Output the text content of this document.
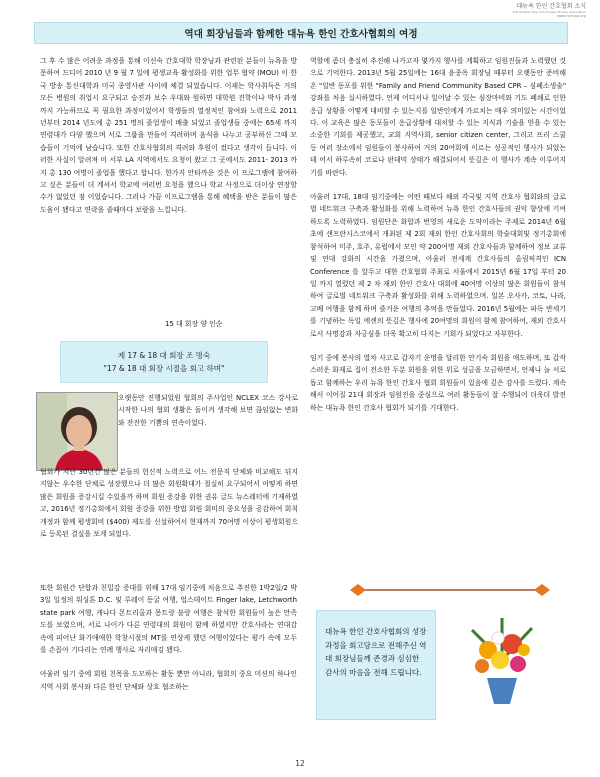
대뉴욕 한인 간호협회 소식
The Greater New York Korean Nurses Association
www.nyknaa.org
역대 회장님들과 함께한 대뉴욕 한인 간호사협회의 여정

그 후 수 많은 어려운 과정을 통해 이선숙 간호대학 학장님과 관련된 분들이 뉴욕을 방문하여 드디어 2010 년 9 월 7 일에 평생교육 활성화를 위한 업무 협약 (MOU) 이 한국 방송 통신대학과 미국 종영사관 사이에 체결 되었습니다. 이제는 학사취득은 거의 모든 병원의 취업시 요구되고 승진과 보수 우대와 원하면 대학원 진학이나 박사 과정까지 가능하므로 꼭 필요한 과정이었어서 학생들의 열정적인 참여와 노력으로 2011 년부터 2014 년도에 총 251 명의 졸업생이 배출 되었고 졸업생들 중에는 65세 까지 연령대가 다양 했으며 서로 그룹을 만들어 격려하며 음식을 나누고 공부하신 그때 모습들이 기억에 남습니다. 또한 간호사협회의 격려와 후원이 컸다고 생각이 듭니다. 이러한 사실이 알려져 미 서부 LA 지역에서도 요청이 왔고 그 곳에서도 2011- 2013 까지 총 130 여명이 졸업을 했다고 합니다. 한가지 안타까운 것은 이 프로그램에 참여하고 싶은 분들이 더 계셔서 학교에 여러번 요청을 했으나 학교 사정으로 더이상 연장할 수가 없었던 점 이었습니다. 그러나 가끔 이프로그램을 통해 혜택을 받은 분들이 많은 도움이 됐다고 연락을 줄때마다 보람을 느낍니다.

15 대 회장 양 인순
제 17 & 18 대 회장 조 명숙
"17 & 18 대 회장 시절을 회고 하며"
오랫동안 진행되었원 협회의 주사업인 NCLEX 코스 강사로 시작한 나의 협회 생활은 돌이켜 생각해 보면 끊임없는 변화와 잔잔한 기쁨의 연속이었다.
협회가 지난 30년간 많은 분들의 헌신적 노력으로 어느 전문직 단체와 비교해도 뒤지지않는 우수한 단체로 성장했으나 더 많은 회원확대가 절실히 요구되어서 어떻게 하면 많은 회원을 증강시킬 수있을까 하며 회원 증강을 위한 권유 글도 뉴스레터에 기재하였고, 2016년 정기총회에서 회원 증강을 위한 방법 회원 회비의 중요성을 공감하여 회칙 개정과 함께 평생회비 ($400) 제도를 신설하여서 현재까지 70여명 이상이 평생회원으로 등록된 결실을 보게 되었다.

또한 회원간 단합과 친밀감 증대를 위해 17대 임기중에 처음으로 추진한 1박2일/2 박 3일 일정의 워싱톤 D.C. 및 루레이 동굴 여행, 업스테이트 Finger lake, Letchworth state park 여행, 캐나다 몬트리올과 몽트랑 블랑 여행은 참석한 회원들이 높은 만족도를 보였으며, 서로 나이가 다른 연령대의 회원이 함께 하였지만 간호사라는 연대감속에 피어난 화기애애한 학창시절의 MT를 연상케 했던 여행이었다는 평가 속에 모두를 손꼽아 기다리는 연례 행사로 자리매김 됐다.

아울러 임기 중에 회원 친목을 도모하는 활동 뿐만 아니라, 협회의 중요 미션의 하나인 지역 사회 봉사와 다른 한인 단체와 상호 협조하는

역할에 좀더 충실히 추진해 나가고자 몇가지 행사를 계획하고 임원진들과 노력했던 것으로 기억한다. 2013년 5월 25일에는 16대 윤종옥 회장님 때부터 오랫동안 준비해온 "일반 동포를 위한 "Family and Friend Community Based CPR – 심폐소생술" 강좌를 처음 실시하였다. 언제 어디서나 일어날 수 있는 심장마비와 기도 폐쇄로 인한 응급 상황을 어떻게 대비할 수 있는지를 일반인에게 가르치는 매우 의미있는 시간이었다. 이 교육은 많은 동포들이 응급상황에 대처할 수 있는 지식과 기술을 얻을 수 있는 소중한 기회를 제공했고, 교회 지역사회, senior citizen center, 그리고 프리 스쿨 등 여러 장소에서 임원들이 봉사하여 거의 20여회에 이르는 성공적인 행사가 되었는데 어서 하루속히 코로나 판데믹 상태가 해결되어서 뜻깊은 이 행사가 계속 이루어지기를 바란다.

아울러 17대, 18대 임기중에는 어떤 때보다 해외 각국및 지역 간호사 협회와의 글로벌 네트워크 구축과 활성화를 위해 노력하여 뉴욕 한인 간호사들의 권익 향상에 기여하도록 노력하였다. 임원단은 화합과 번영의 새로운 도약이라는 주제로 2014년 6월초에 샌프란시스코에서 개최된 제 2회 재외 한인 간호사회의 학술대회및 정기총회에 참석하여 미주, 호주, 유럽에서 모인 약 200여명 재외 간호사들과 함께하여 정보 교류및 연대 강화의 시간을 가졌으며, 아울러 전세계 간호사들의 올림픽격인 ICN Conference 를 앞두고 대한 간호협회 주최로 서울에서 2015년 6월 17일 부터 20일 까지 열렸던 제 2 차 재외 한인 간호사 대회에 40여명 이상의 많은 회원들이 참석하여 글로벌 네트워크 구축과 활성화를 위해 노력하였으며. 일본 오사카, 코토, 나라, 고베 여행을 함께 하며 즐거운 여행의 추억을 만들었다. 2016년 5월에는 파독 반세기를 기념하는 독일 에센의 뜻깊은 행사에 20여명의 회원이 함께 참여하여, 재외 간호사로서 사명감과 자긍심을 더욱 확고히 다지는 기회가 되었다고 자부한다.

임기 중에 봉사의 열차 사고로 갑자기 운명을 달리한 안기숙 회원을 애도하며, 또 갑작스러운 화재로 집이 전소한 두분 회원을 위한 위로 성금을 모금하면서, 언제나 늘 서로 돕고 함께하는 우리 뉴욕 한인 간호사 협회 회원들이 있음에 깊은 감사를 드렸다. 계속해서 이어질 21대 회장과 임원진을 중심으로 여러 활동들이 잘 수행되어 더욱더 발전하는 대뉴욕 한인 간호사 협회가 되기를 기대한다.

대뉴욕 한인 간호사협회의 성장 과정을 회고담으로 전해주신 역대 회장님들께 존경과 심심한 감사의 마음을 전해 드립니다.
12
